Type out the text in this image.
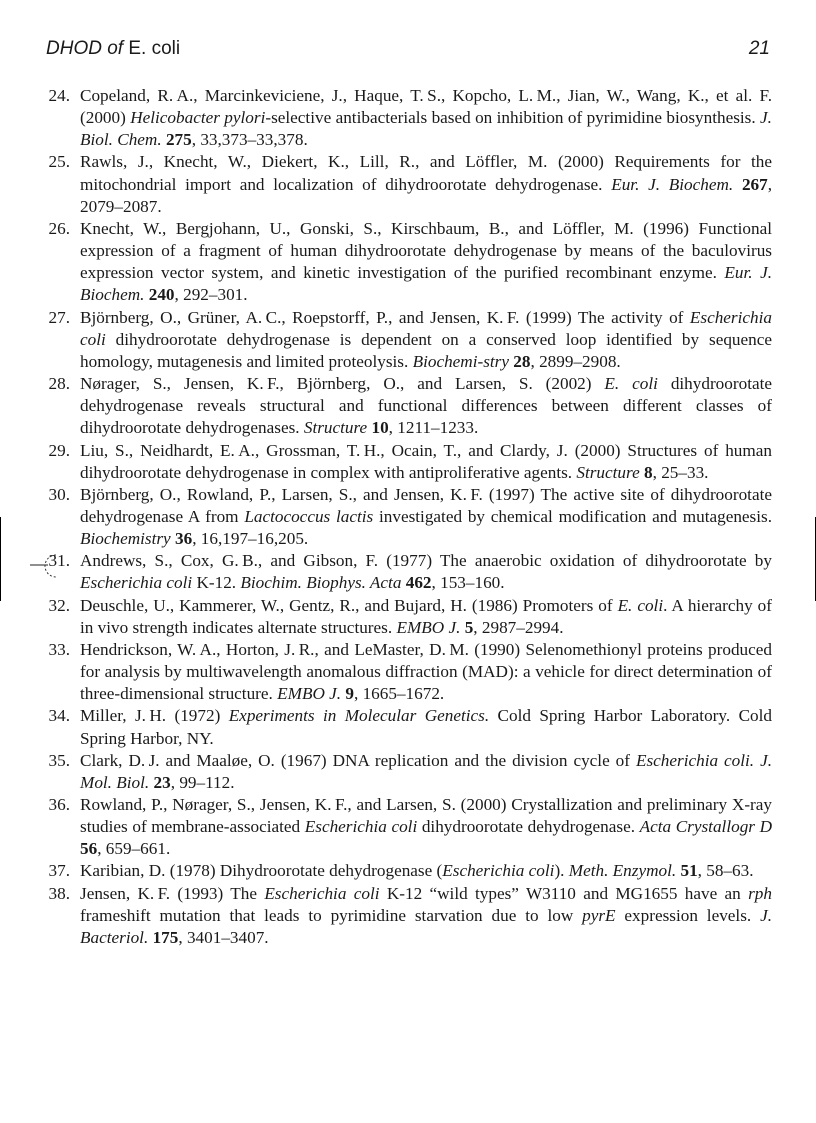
DHOD of E. coli	21
24. Copeland, R. A., Marcinkeviciene, J., Haque, T. S., Kopcho, L. M., Jian, W., Wang, K., et al. F. (2000) Helicobacter pylori-selective antibacterials based on inhibition of pyrimidine biosynthesis. J. Biol. Chem. 275, 33,373–33,378.
25. Rawls, J., Knecht, W., Diekert, K., Lill, R., and Löffler, M. (2000) Requirements for the mitochondrial import and localization of dihydroorotate dehydrogenase. Eur. J. Biochem. 267, 2079–2087.
26. Knecht, W., Bergjohann, U., Gonski, S., Kirschbaum, B., and Löffler, M. (1996) Functional expression of a fragment of human dihydroorotate dehydrogenase by means of the baculovirus expression vector system, and kinetic investigation of the purified recombinant enzyme. Eur. J. Biochem. 240, 292–301.
27. Björnberg, O., Grüner, A. C., Roepstorff, P., and Jensen, K. F. (1999) The activity of Escherichia coli dihydroorotate dehydrogenase is dependent on a conserved loop identified by sequence homology, mutagenesis and limited proteolysis. Biochemi-stry 28, 2899–2908.
28. Nørager, S., Jensen, K. F., Björnberg, O., and Larsen, S. (2002) E. coli dihydroorotate dehydrogenase reveals structural and functional differences between different classes of dihydroorotate dehydrogenases. Structure 10, 1211–1233.
29. Liu, S., Neidhardt, E. A., Grossman, T. H., Ocain, T., and Clardy, J. (2000) Structures of human dihydroorotate dehydrogenase in complex with antiproliferative agents. Structure 8, 25–33.
30. Björnberg, O., Rowland, P., Larsen, S., and Jensen, K. F. (1997) The active site of dihydroorotate dehydrogenase A from Lactococcus lactis investigated by chemical modification and mutagenesis. Biochemistry 36, 16,197–16,205.
31. Andrews, S., Cox, G. B., and Gibson, F. (1977) The anaerobic oxidation of dihydroorotate by Escherichia coli K-12. Biochim. Biophys. Acta 462, 153–160.
32. Deuschle, U., Kammerer, W., Gentz, R., and Bujard, H. (1986) Promoters of E. coli. A hierarchy of in vivo strength indicates alternate structures. EMBO J. 5, 2987–2994.
33. Hendrickson, W. A., Horton, J. R., and LeMaster, D. M. (1990) Selenomethionyl proteins produced for analysis by multiwavelength anomalous diffraction (MAD): a vehicle for direct determination of three-dimensional structure. EMBO J. 9, 1665–1672.
34. Miller, J. H. (1972) Experiments in Molecular Genetics. Cold Spring Harbor Laboratory. Cold Spring Harbor, NY.
35. Clark, D. J. and Maaløe, O. (1967) DNA replication and the division cycle of Escherichia coli. J. Mol. Biol. 23, 99–112.
36. Rowland, P., Nørager, S., Jensen, K. F., and Larsen, S. (2000) Crystallization and preliminary X-ray studies of membrane-associated Escherichia coli dihydroorotate dehydrogenase. Acta Crystallogr D 56, 659–661.
37. Karibian, D. (1978) Dihydroorotate dehydrogenase (Escherichia coli). Meth. Enzymol. 51, 58–63.
38. Jensen, K. F. (1993) The Escherichia coli K-12 “wild types” W3110 and MG1655 have an rph frameshift mutation that leads to pyrimidine starvation due to low pyrE expression levels. J. Bacteriol. 175, 3401–3407.
